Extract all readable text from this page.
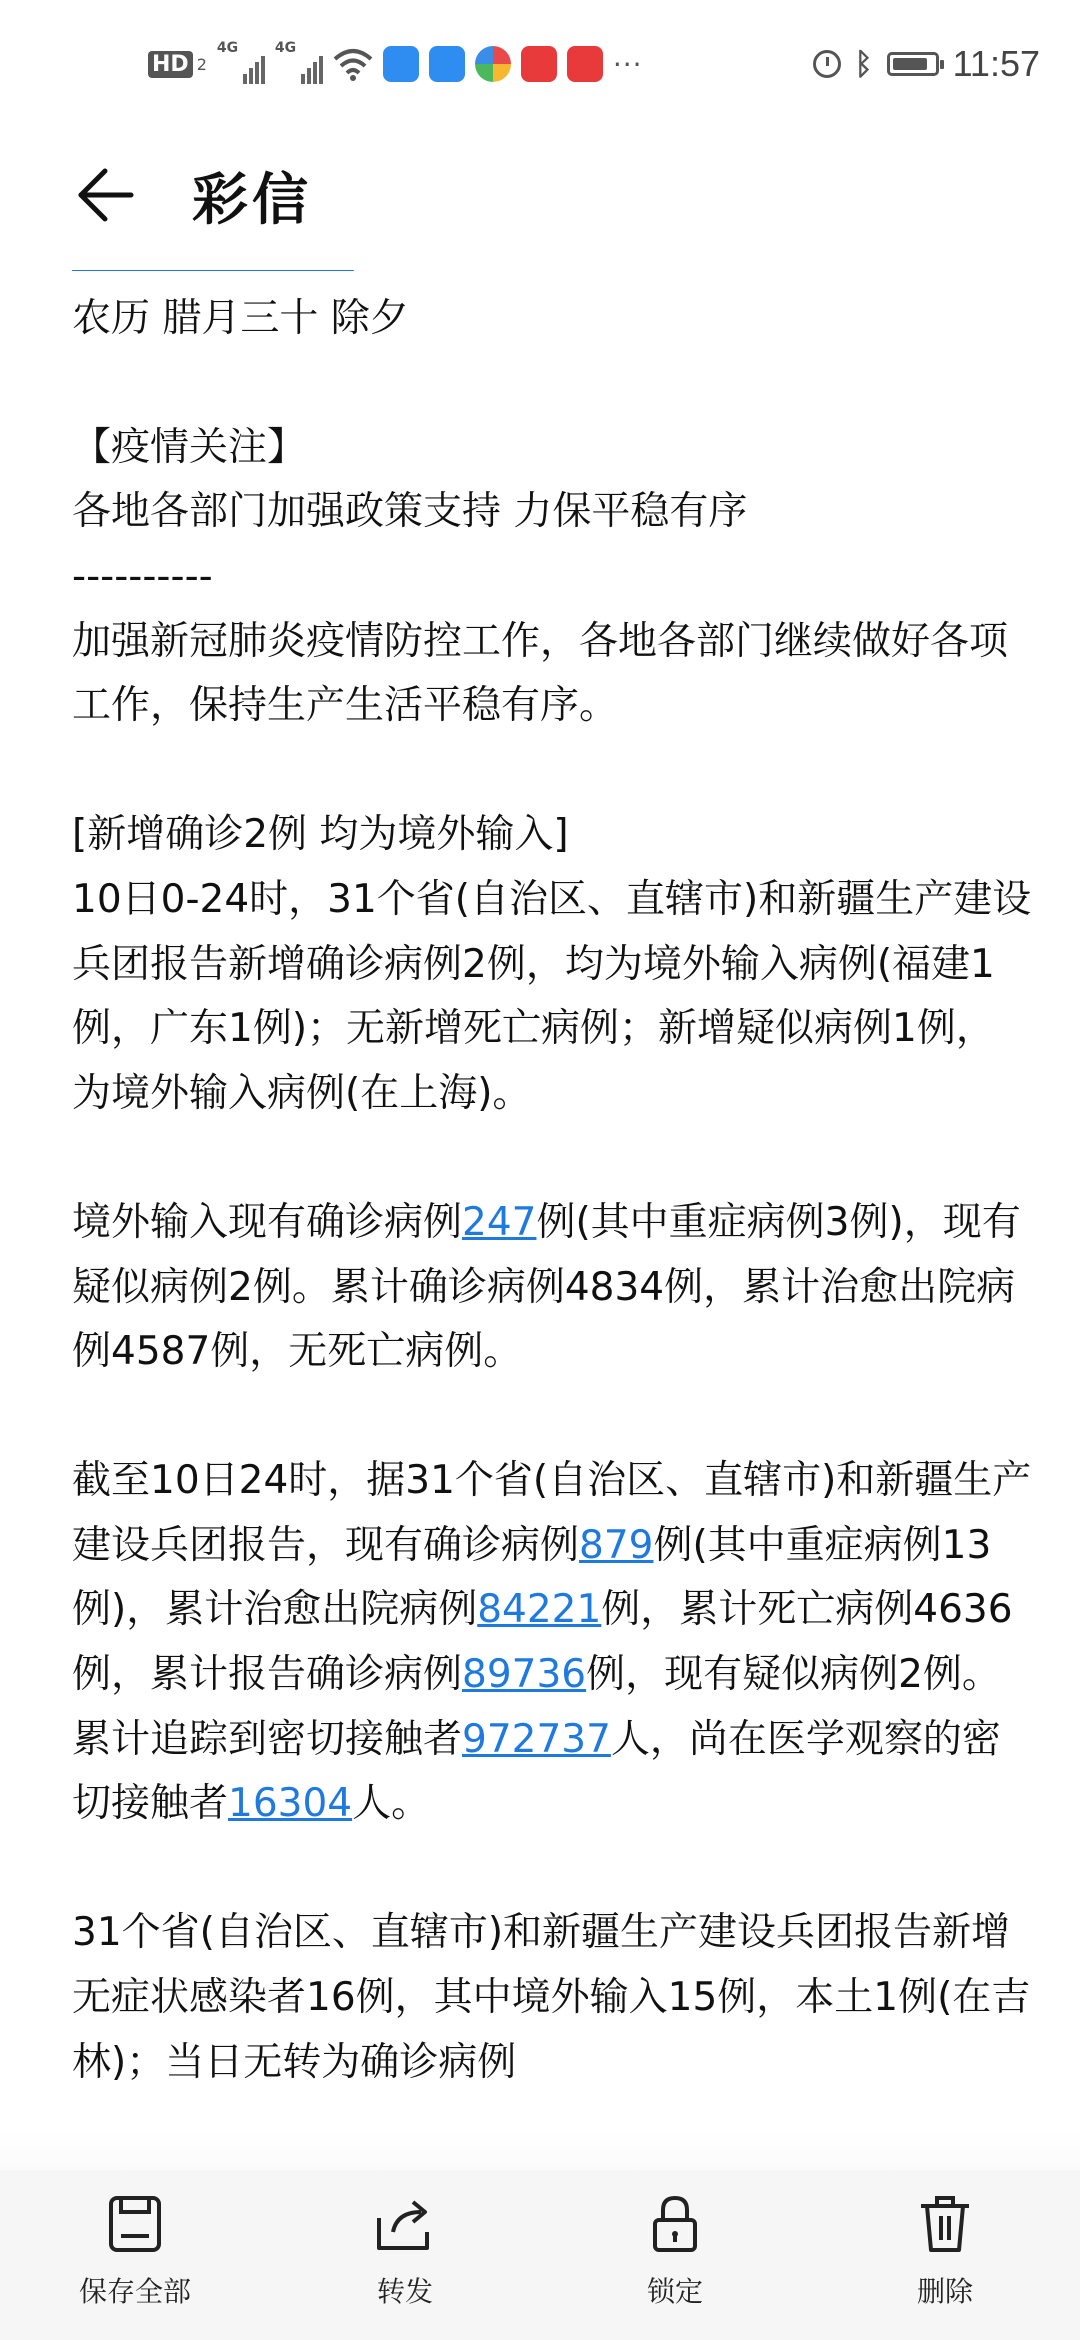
HD 2
4G	4G	···	ᛒ 11:57
彩信

农历 腊月三十 除夕

【疫情关注】

各地各部门加强政策支持 力保平稳有序

----------

加强新冠肺炎疫情防控工作，各地各部门继续做好各项工作，保持生产生活平稳有序。

[新增确诊2例 均为境外输入]

10日0-24时，31个省(自治区、直辖市)和新疆生产建设兵团报告新增确诊病例2例，均为境外输入病例(福建1例，广东1例)；无新增死亡病例；新增疑似病例1例，为境外输入病例(在上海)。

境外输入现有确诊病例247例(其中重症病例3例)，现有疑似病例2例。累计确诊病例4834例，累计治愈出院病例4587例，无死亡病例。

截至10日24时，据31个省(自治区、直辖市)和新疆生产建设兵团报告，现有确诊病例879例(其中重症病例13例)，累计治愈出院病例84221例，累计死亡病例4636例，累计报告确诊病例89736例，现有疑似病例2例。累计追踪到密切接触者972737人，尚在医学观察的密切接触者16304人。

31个省(自治区、直辖市)和新疆生产建设兵团报告新增无症状感染者16例，其中境外输入15例，本土1例(在吉林)；当日无转为确诊病例

保存全部	转发	锁定	删除
